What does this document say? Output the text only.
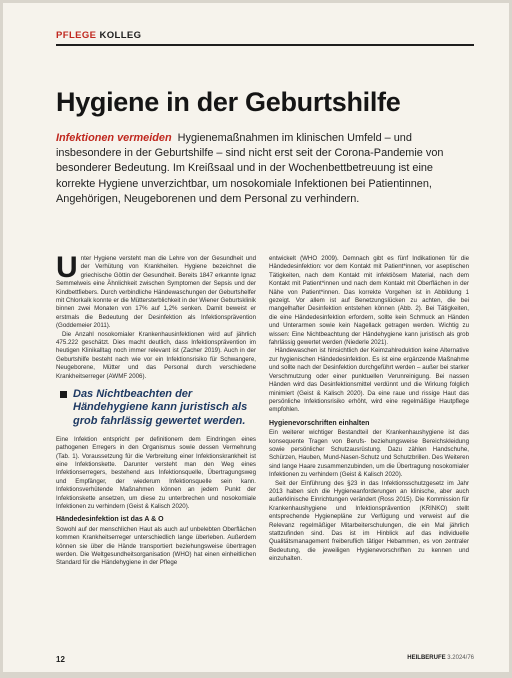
PFLEGE KOLLEG
Hygiene in der Geburtshilfe

Infektionen vermeiden Hygienemaßnahmen im klinischen Umfeld – und insbesondere in der Geburtshilfe – sind nicht erst seit der Corona-Pandemie von besonderer Bedeutung. Im Kreißsaal und in der Wochenbettbetreuung ist eine korrekte Hygiene unverzichtbar, um nosokomiale Infektionen bei Patientinnen, Angehörigen, Neugeborenen und dem Personal zu verhindern.

Unter Hygiene versteht man die Lehre von der Gesundheit und der Verhütung von Krankheiten. Hygiene bezeichnet die griechische Göttin der Gesundheit. Bereits 1847 erkannte Ignaz Semmelweis eine Ähnlichkeit zwischen Symptomen der Sepsis und der Kindbettfiebers. Durch verbindliche Händewaschungen der Geburtshelfer mit Chlorkalk konnte er die Müttersterblichkeit in der Wiener Geburtsklinik binnen zwei Monaten von 17% auf 1,2% senken. Damit beweist er erstmals die Bedeutung der Desinfektion als Infektionsprävention (Goddemeier 2011).

Die Anzahl nosokomialer Krankenhausinfektionen wird auf jährlich 475.222 geschätzt. Dies macht deutlich, dass Infektionsprävention im heutigen Klinikalltag noch immer relevant ist (Zacher 2019). Auch in der Geburtshilfe besteht nach wie vor ein Infektionsrisiko für Schwangere, Neugeborene, Mütter und das Personal durch verschiedene Krankheitserreger (AWMF 2006).

Das Nichtbeachten der Händehygiene kann juristisch als grob fahrlässig gewertet werden.

Eine Infektion entspricht per definitionem dem Eindringen eines pathogenen Erregers in den Organismus sowie dessen Vermehrung (Tab. 1). Voraussetzung für die Verbreitung einer Infektionskrankheit ist eine Infektionskette. Darunter versteht man den Weg eines Infektionserregers, bestehend aus Infektionsquelle, Übertragungsweg und Empfänger, der wiederum Infektionsquelle sein kann. Infektionsverhütende Maßnahmen können an jedem Punkt der Infektionskette ansetzen, um diese zu unterbrechen und nosokomiale Infektionen zu verhindern (Geist & Kalisch 2020).

Händedesinfektion ist das A & O

Sowohl auf der menschlichen Haut als auch auf unbelebten Oberflächen kommen Krankheitserreger unterschiedlich lange überleben. Außerdem können sie über die Hände transportiert beziehungsweise übertragen werden. Die Weltgesundheitsorganisation (WHO) hat einen einheitlichen Standard für die Händehygiene in der Pflege

entwickelt (WHO 2009). Demnach gibt es fünf Indikationen für die Händedesinfektion: vor dem Kontakt mit Patient*innen, vor aseptischen Tätigkeiten, nach dem Kontakt mit infektiösem Material, nach dem Kontakt mit Patient*innen und nach dem Kontakt mit Oberflächen in der Nähe von Patient*innen. Das korrekte Vorgehen ist in Abbildung 1 gezeigt. Vor allem ist auf Benetzungslücken zu achten, die bei mangelhafter Desinfektion entstehen können (Abb. 2). Bei Tätigkeiten, die eine Händedesinfektion erfordern, sollte kein Schmuck an Händen und Unterarmen sowie kein Nagellack getragen werden. Wichtig zu wissen: Eine Nichtbeachtung der Händehygiene kann juristisch als grob fahrlässig gewertet werden (Niederle 2021).

Händewaschen ist hinsichtlich der Keimzahlreduktion keine Alternative zur hygienischen Händedesinfektion. Es ist eine ergänzende Maßnahme und sollte nach der Desinfektion durchgeführt werden – außer bei starker Verschmutzung oder einer punktuellen Verunreinigung. Bei nassen Händen wird das Desinfektionsmittel verdünnt und die Wirkung folglich minimiert (Geist & Kalisch 2020). Da eine raue und rissige Haut das persönliche Infektionsrisiko erhöht, wird eine regelmäßige Hautpflege empfohlen.

Hygienevorschriften einhalten

Ein weiterer wichtiger Bestandteil der Krankenhaushygiene ist das konsequente Tragen von Berufs- beziehungsweise Bereichskleidung sowie persönlicher Schutzausrüstung. Dazu zählen Handschuhe, Schürzen, Hauben, Mund-Nasen-Schutz und Schutzbrillen. Des Weiteren sind lange Haare zusammenzubinden, um die Übertragung nosokomialer Infektionen zu verhindern (Geist & Kalisch 2020).

Seit der Einführung des §23 in das Infektionsschutzgesetz im Jahr 2013 haben sich die Hygieneanforderungen an klinische, aber auch außerklinische Einrichtungen verändert (Ross 2015). Die Kommission für Krankenhaushygiene und Infektionsprävention (KRINKO) stellt entsprechende Hygienepläne zur Verfügung und verweist auf die Relevanz regelmäßiger Mitarbeiterschulungen, die ein Mal jährlich stattzufinden sind. Das ist im Hinblick auf das individuelle Qualitätsmanagement freiberuflich tätiger Hebammen, es von zentraler Bedeutung, die jeweiligen Hygienevorschriften zu kennen und einzuhalten.

12	HEILBERUFE 3.2024/76
